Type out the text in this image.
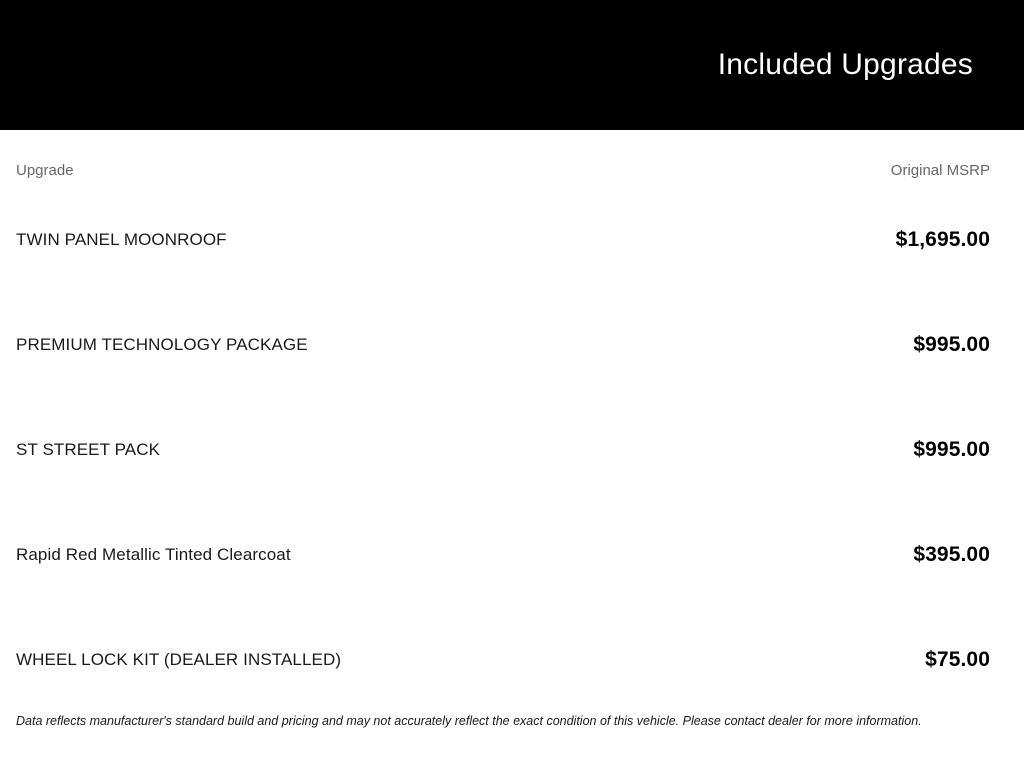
Included Upgrades
Upgrade	Original MSRP
TWIN PANEL MOONROOF	$1,695.00
PREMIUM TECHNOLOGY PACKAGE	$995.00
ST STREET PACK	$995.00
Rapid Red Metallic Tinted Clearcoat	$395.00
WHEEL LOCK KIT (DEALER INSTALLED)	$75.00
Data reflects manufacturer's standard build and pricing and may not accurately reflect the exact condition of this vehicle. Please contact dealer for more information.
